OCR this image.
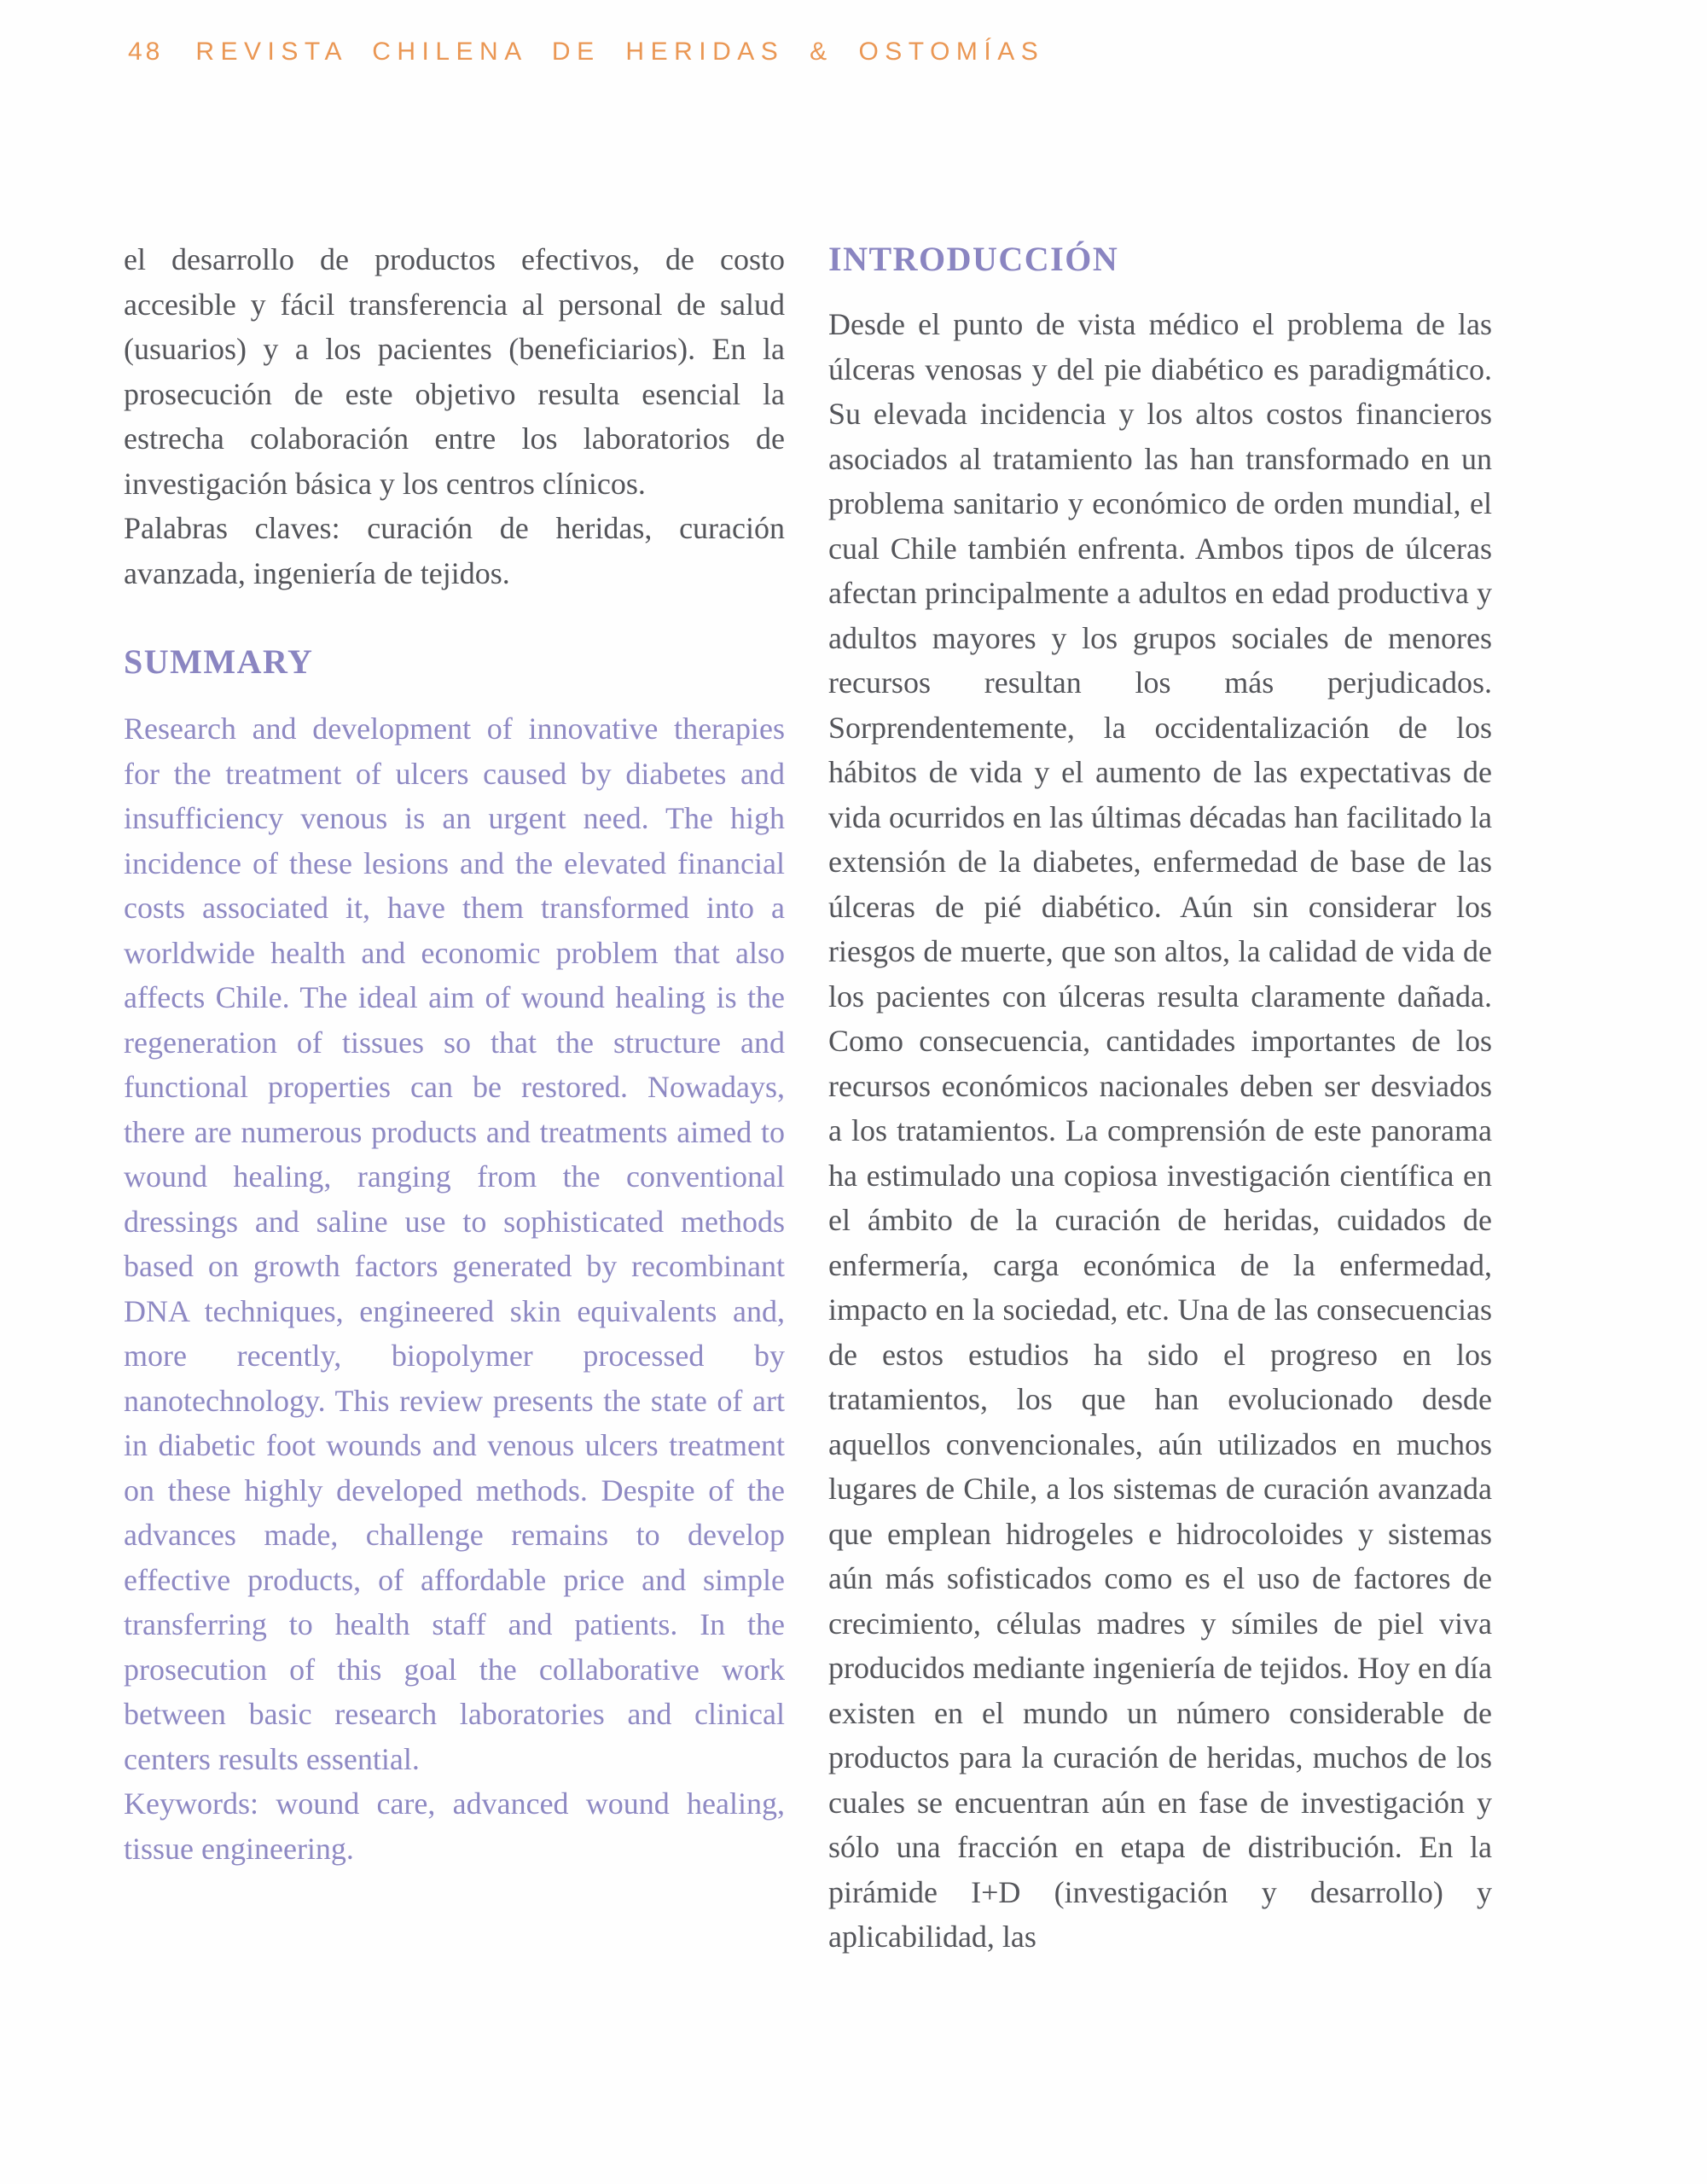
48 REVISTA CHILENA DE HERIDAS & OSTOMÍAS

el desarrollo de productos efectivos, de costo accesible y fácil transferencia al personal de salud (usuarios) y a los pacientes (beneficiarios). En la prosecución de este objetivo resulta esencial la estrecha colaboración entre los laboratorios de investigación básica y los centros clínicos.

Palabras claves: curación de heridas, curación avanzada, ingeniería de tejidos.

SUMMARY

Research and development of innovative therapies for the treatment of ulcers caused by diabetes and insufficiency venous is an urgent need. The high incidence of these lesions and the elevated financial costs associated it, have them transformed into a worldwide health and economic problem that also affects Chile. The ideal aim of wound healing is the regeneration of tissues so that the structure and functional properties can be restored. Nowadays, there are numerous products and treatments aimed to wound healing, ranging from the conventional dressings and saline use to sophisticated methods based on growth factors generated by recombinant DNA techniques, engineered skin equivalents and, more recently, biopolymer processed by nanotechnology. This review presents the state of art in diabetic foot wounds and venous ulcers treatment on these highly developed methods. Despite of the advances made, challenge remains to develop effective products, of affordable price and simple transferring to health staff and patients. In the prosecution of this goal the collaborative work between basic research laboratories and clinical centers results essential.

Keywords: wound care, advanced wound healing, tissue engineering.

INTRODUCCIÓN

Desde el punto de vista médico el problema de las úlceras venosas y del pie diabético es paradigmático. Su elevada incidencia y los altos costos financieros asociados al tratamiento las han transformado en un problema sanitario y económico de orden mundial, el cual Chile también enfrenta. Ambos tipos de úlceras afectan principalmente a adultos en edad productiva y adultos mayores y los grupos sociales de menores recursos resultan los más perjudicados. Sorprendentemente, la occidentalización de los hábitos de vida y el aumento de las expectativas de vida ocurridos en las últimas décadas han facilitado la extensión de la diabetes, enfermedad de base de las úlceras de pié diabético. Aún sin considerar los riesgos de muerte, que son altos, la calidad de vida de los pacientes con úlceras resulta claramente dañada. Como consecuencia, cantidades importantes de los recursos económicos nacionales deben ser desviados a los tratamientos. La comprensión de este panorama ha estimulado una copiosa investigación científica en el ámbito de la curación de heridas, cuidados de enfermería, carga económica de la enfermedad, impacto en la sociedad, etc. Una de las consecuencias de estos estudios ha sido el progreso en los tratamientos, los que han evolucionado desde aquellos convencionales, aún utilizados en muchos lugares de Chile, a los sistemas de curación avanzada que emplean hidrogeles e hidrocoloides y sistemas aún más sofisticados como es el uso de factores de crecimiento, células madres y símiles de piel viva producidos mediante ingeniería de tejidos. Hoy en día existen en el mundo un número considerable de productos para la curación de heridas, muchos de los cuales se encuentran aún en fase de investigación y sólo una fracción en etapa de distribución. En la pirámide I+D (investigación y desarrollo) y aplicabilidad, las
